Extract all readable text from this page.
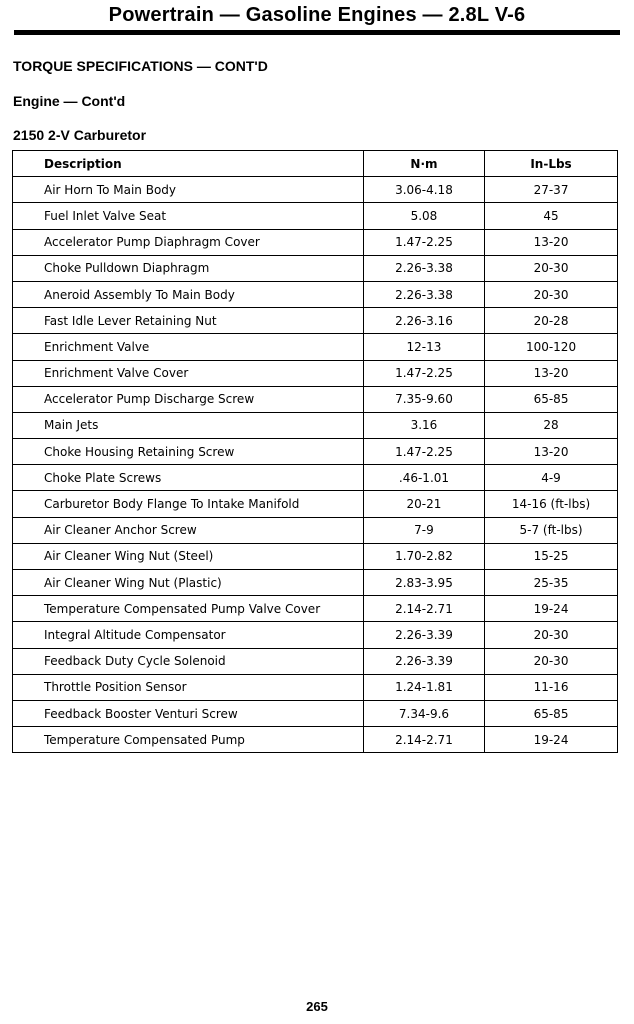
Powertrain — Gasoline Engines — 2.8L V-6
TORQUE SPECIFICATIONS — CONT'D
Engine — Cont'd
2150 2-V Carburetor
Description	N·m	In-Lbs
Air Horn To Main Body	3.06-4.18	27-37
Fuel Inlet Valve Seat	5.08	45
Accelerator Pump Diaphragm Cover	1.47-2.25	13-20
Choke Pulldown Diaphragm	2.26-3.38	20-30
Aneroid Assembly To Main Body	2.26-3.38	20-30
Fast Idle Lever Retaining Nut	2.26-3.16	20-28
Enrichment Valve	12-13	100-120
Enrichment Valve Cover	1.47-2.25	13-20
Accelerator Pump Discharge Screw	7.35-9.60	65-85
Main Jets	3.16	28
Choke Housing Retaining Screw	1.47-2.25	13-20
Choke Plate Screws	.46-1.01	4-9
Carburetor Body Flange To Intake Manifold	20-21	14-16 (ft-lbs)
Air Cleaner Anchor Screw	7-9	5-7 (ft-lbs)
Air Cleaner Wing Nut (Steel)	1.70-2.82	15-25
Air Cleaner Wing Nut (Plastic)	2.83-3.95	25-35
Temperature Compensated Pump Valve Cover	2.14-2.71	19-24
Integral Altitude Compensator	2.26-3.39	20-30
Feedback Duty Cycle Solenoid	2.26-3.39	20-30
Throttle Position Sensor	1.24-1.81	11-16
Feedback Booster Venturi Screw	7.34-9.6	65-85
Temperature Compensated Pump	2.14-2.71	19-24
265
